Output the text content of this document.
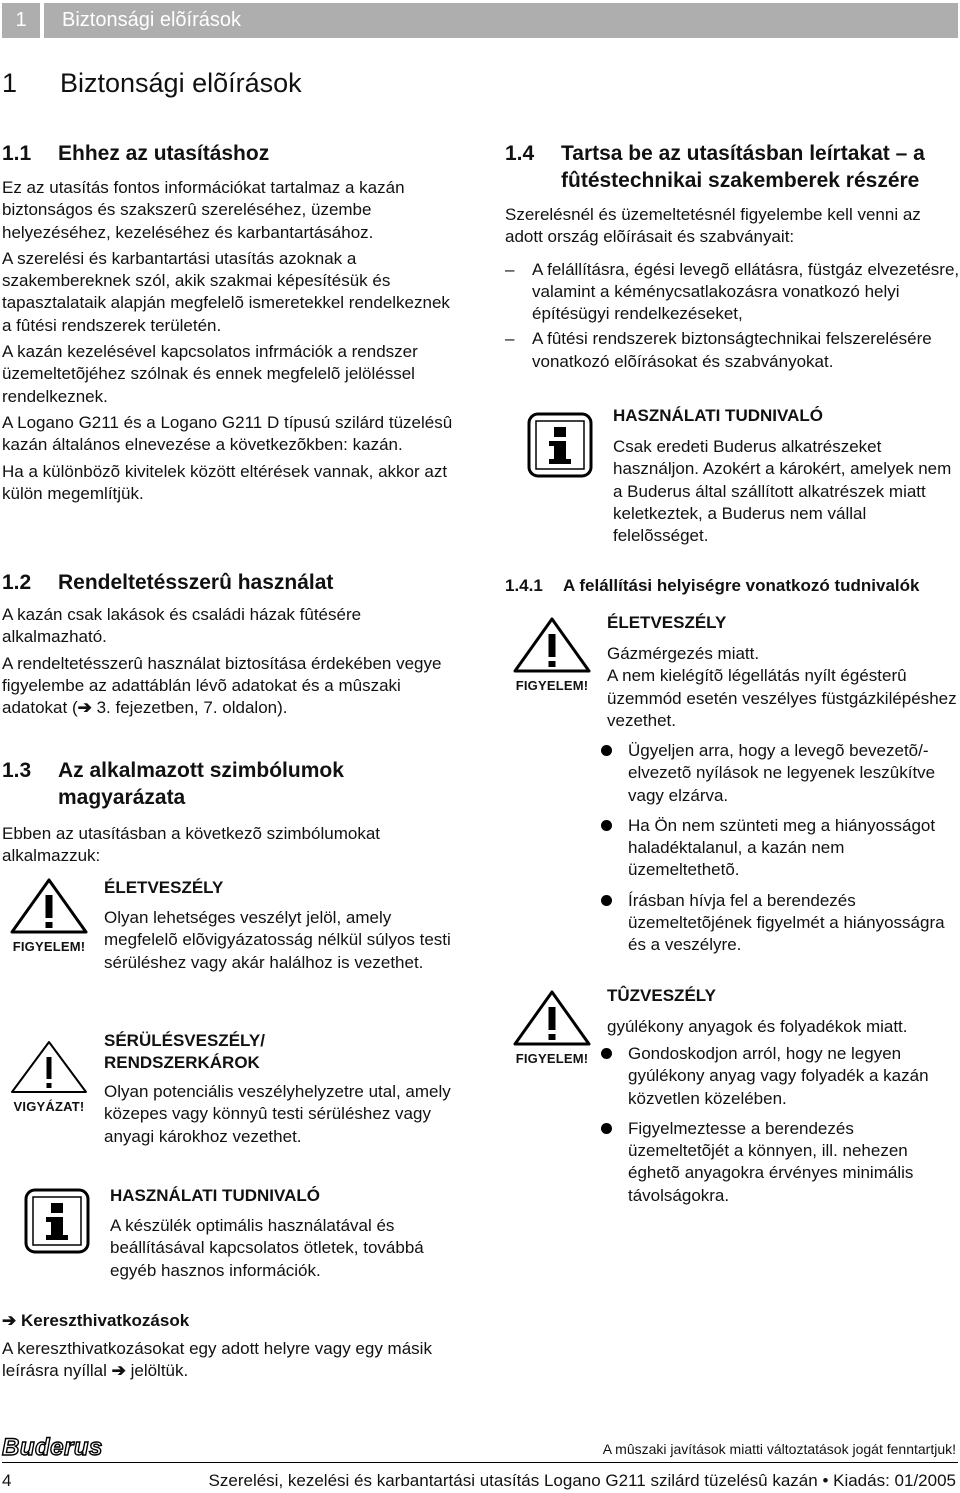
1	Biztonsági elõírások
1 Biztonsági elõírások
1.1 Ehhez az utasításhoz

Ez az utasítás fontos információkat tartalmaz a kazán biztonságos és szakszerû szereléséhez, üzembe helyezéséhez, kezeléséhez és karbantartásához.

A szerelési és karbantartási utasítás azoknak a szakembereknek szól, akik szakmai képesítésük és tapasztalataik alapján megfelelõ ismeretekkel rendelkeznek a fûtési rendszerek területén.

A kazán kezelésével kapcsolatos infrmációk a rendszer üzemeltetõjéhez szólnak és ennek megfelelõ jelöléssel rendelkeznek.

A Logano G211 és a Logano G211 D típusú szilárd tüzelésû kazán általános elnevezése a következõkben: kazán.

Ha a különbözõ kivitelek között eltérések vannak, akkor azt külön megemlítjük.

1.2 Rendeltetésszerû használat

A kazán csak lakások és családi házak fûtésére alkalmazható.

A rendeltetésszerû használat biztosítása érdekében vegye figyelembe az adattáblán lévõ adatokat és a mûszaki adatokat (➔ 3. fejezetben, 7. oldalon).

1.3 Az alkalmazott szimbólumok
magyarázata

Ebben az utasításban a következõ szimbólumokat alkalmazzuk:

FIGYELEM!
ÉLETVESZÉLY

Olyan lehetséges veszélyt jelöl, amely megfelelõ elõvigyázatosság nélkül súlyos testi sérüléshez vagy akár halálhoz is vezethet.

VIGYÁZAT!
SÉRÜLÉSVESZÉLY/
RENDSZERKÁROK

Olyan potenciális veszélyhelyzetre utal, amely közepes vagy könnyû testi sérüléshez vagy anyagi károkhoz vezethet.

HASZNÁLATI TUDNIVALÓ

A készülék optimális használatával és beállításával kapcsolatos ötletek, továbbá egyéb hasznos információk.

➔ Kereszthivatkozások

A kereszthivatkozásokat egy adott helyre vagy egy másik leírásra nyíllal ➔ jelöltük.

1.4 Tartsa be az utasításban leírtakat – a
fûtéstechnikai szakemberek részére

Szerelésnél és üzemeltetésnél figyelembe kell venni az adott ország elõírásait és szabványait:

– A felállításra, égési levegõ ellátásra, füstgáz elvezetésre, valamint a kéménycsatlakozásra vonatkozó helyi építésügyi rendelkezéseket,
– A fûtési rendszerek biztonságtechnikai felszerelésére vonatkozó elõírásokat és szabványokat.
HASZNÁLATI TUDNIVALÓ

Csak eredeti Buderus alkatrészeket használjon. Azokért a károkért, amelyek nem a Buderus által szállított alkatrészek miatt keletkeztek, a Buderus nem vállal felelõsséget.

1.4.1 A felállítási helyiségre vonatkozó tudnivalók
FIGYELEM!
ÉLETVESZÉLY

Gázmérgezés miatt.

A nem kielégítõ légellátás nyílt égésterû üzemmód esetén veszélyes füstgázkilépéshez vezethet.

Ügyeljen arra, hogy a levegõ bevezetõ/-elvezetõ nyílások ne legyenek leszûkítve vagy elzárva.
Ha Ön nem szünteti meg a hiányosságot haladéktalanul, a kazán nem üzemeltethetõ.
Írásban hívja fel a berendezés üzemeltetõjének figyelmét a hiányosságra és a veszélyre.
FIGYELEM!
TÛZVESZÉLY

gyúlékony anyagok és folyadékok miatt.

Gondoskodjon arról, hogy ne legyen gyúlékony anyag vagy folyadék a kazán közvetlen közelében.
Figyelmeztesse a berendezés üzemeltetõjét a könnyen, ill. nehezen éghetõ anyagokra érvényes minimális távolságokra.
Buderus	A mûszaki javítások miatti változtatások jogát fenntartjuk!
4	Szerelési, kezelési és karbantartási utasítás Logano G211 szilárd tüzelésû kazán • Kiadás: 01/2005
